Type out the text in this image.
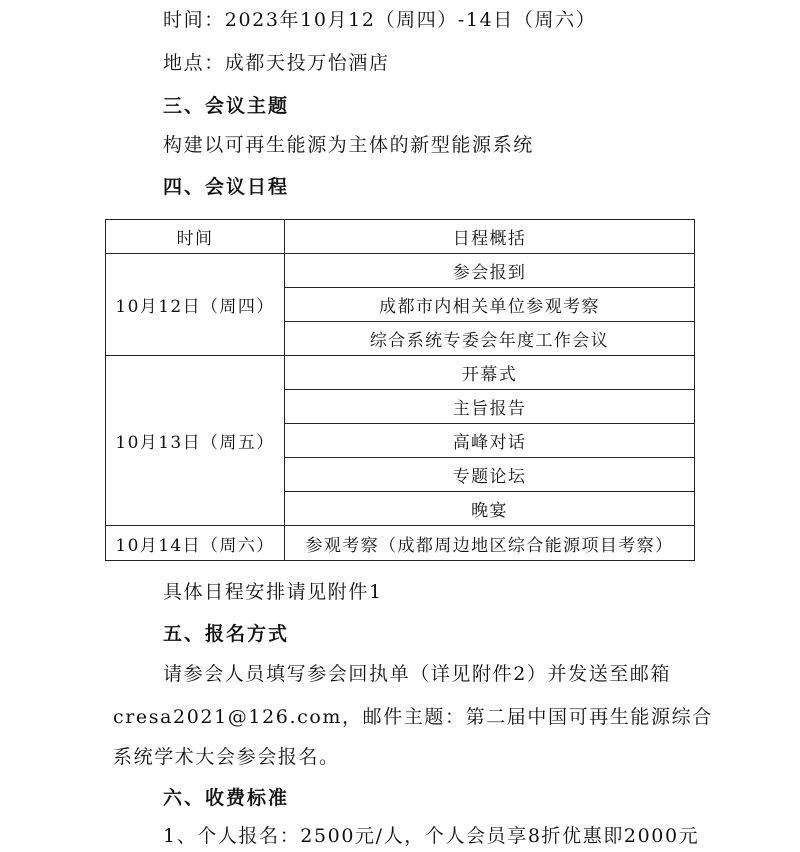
时间：2023年10月12（周四）-14日（周六）
地点：成都天投万怡酒店
三、会议主题
构建以可再生能源为主体的新型能源系统
四、会议日程
时间	日程概括
10月12日（周四）	参会报到
	成都市内相关单位参观考察
	综合系统专委会年度工作会议
10月13日（周五）	开幕式
	主旨报告
	高峰对话
	专题论坛
	晚宴
10月14日（周六）	参观考察（成都周边地区综合能源项目考察）
具体日程安排请见附件1
五、报名方式
请参会人员填写参会回执单（详见附件2）并发送至邮箱
cresa2021@126.com，邮件主题：第二届中国可再生能源综合
系统学术大会参会报名。
六、收费标准
1、个人报名：2500元/人，个人会员享8折优惠即2000元
